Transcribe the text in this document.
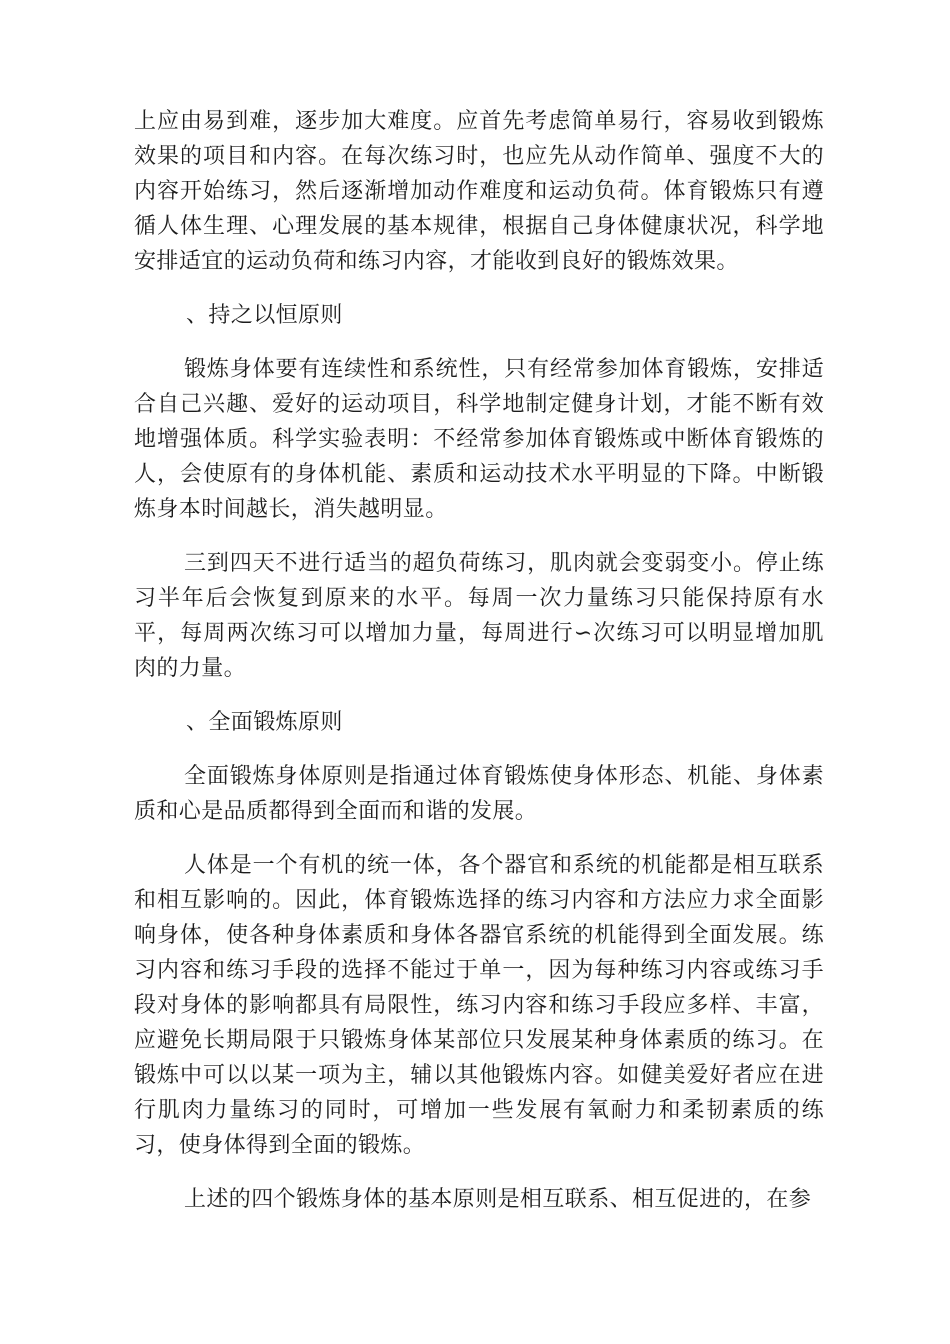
上应由易到难，逐步加大难度。应首先考虑简单易行，容易收到锻炼效果的项目和内容。在每次练习时，也应先从动作简单、强度不大的内容开始练习，然后逐渐增加动作难度和运动负荷。体育锻炼只有遵循人体生理、心理发展的基本规律，根据自己身体健康状况，科学地安排适宜的运动负荷和练习内容，才能收到良好的锻炼效果。

、持之以恒原则

锻炼身体要有连续性和系统性，只有经常参加体育锻炼，安排适合自己兴趣、爱好的运动项目，科学地制定健身计划，才能不断有效地增强体质。科学实验表明：不经常参加体育锻炼或中断体育锻炼的人，会使原有的身体机能、素质和运动技术水平明显的下降。中断锻炼身本时间越长，消失越明显。

三到四天不进行适当的超负荷练习，肌肉就会变弱变小。停止练习半年后会恢复到原来的水平。每周一次力量练习只能保持原有水平，每周两次练习可以增加力量，每周进行∽次练习可以明显增加肌肉的力量。

、全面锻炼原则

全面锻炼身体原则是指通过体育锻炼使身体形态、机能、身体素质和心是品质都得到全面而和谐的发展。

人体是一个有机的统一体，各个器官和系统的机能都是相互联系和相互影响的。因此，体育锻炼选择的练习内容和方法应力求全面影响身体，使各种身体素质和身体各器官系统的机能得到全面发展。练习内容和练习手段的选择不能过于单一，因为每种练习内容或练习手段对身体的影响都具有局限性，练习内容和练习手段应多样、丰富，应避免长期局限于只锻炼身体某部位只发展某种身体素质的练习。在锻炼中可以以某一项为主，辅以其他锻炼内容。如健美爱好者应在进行肌肉力量练习的同时，可增加一些发展有氧耐力和柔韧素质的练习，使身体得到全面的锻炼。

上述的四个锻炼身体的基本原则是相互联系、相互促进的，在参
